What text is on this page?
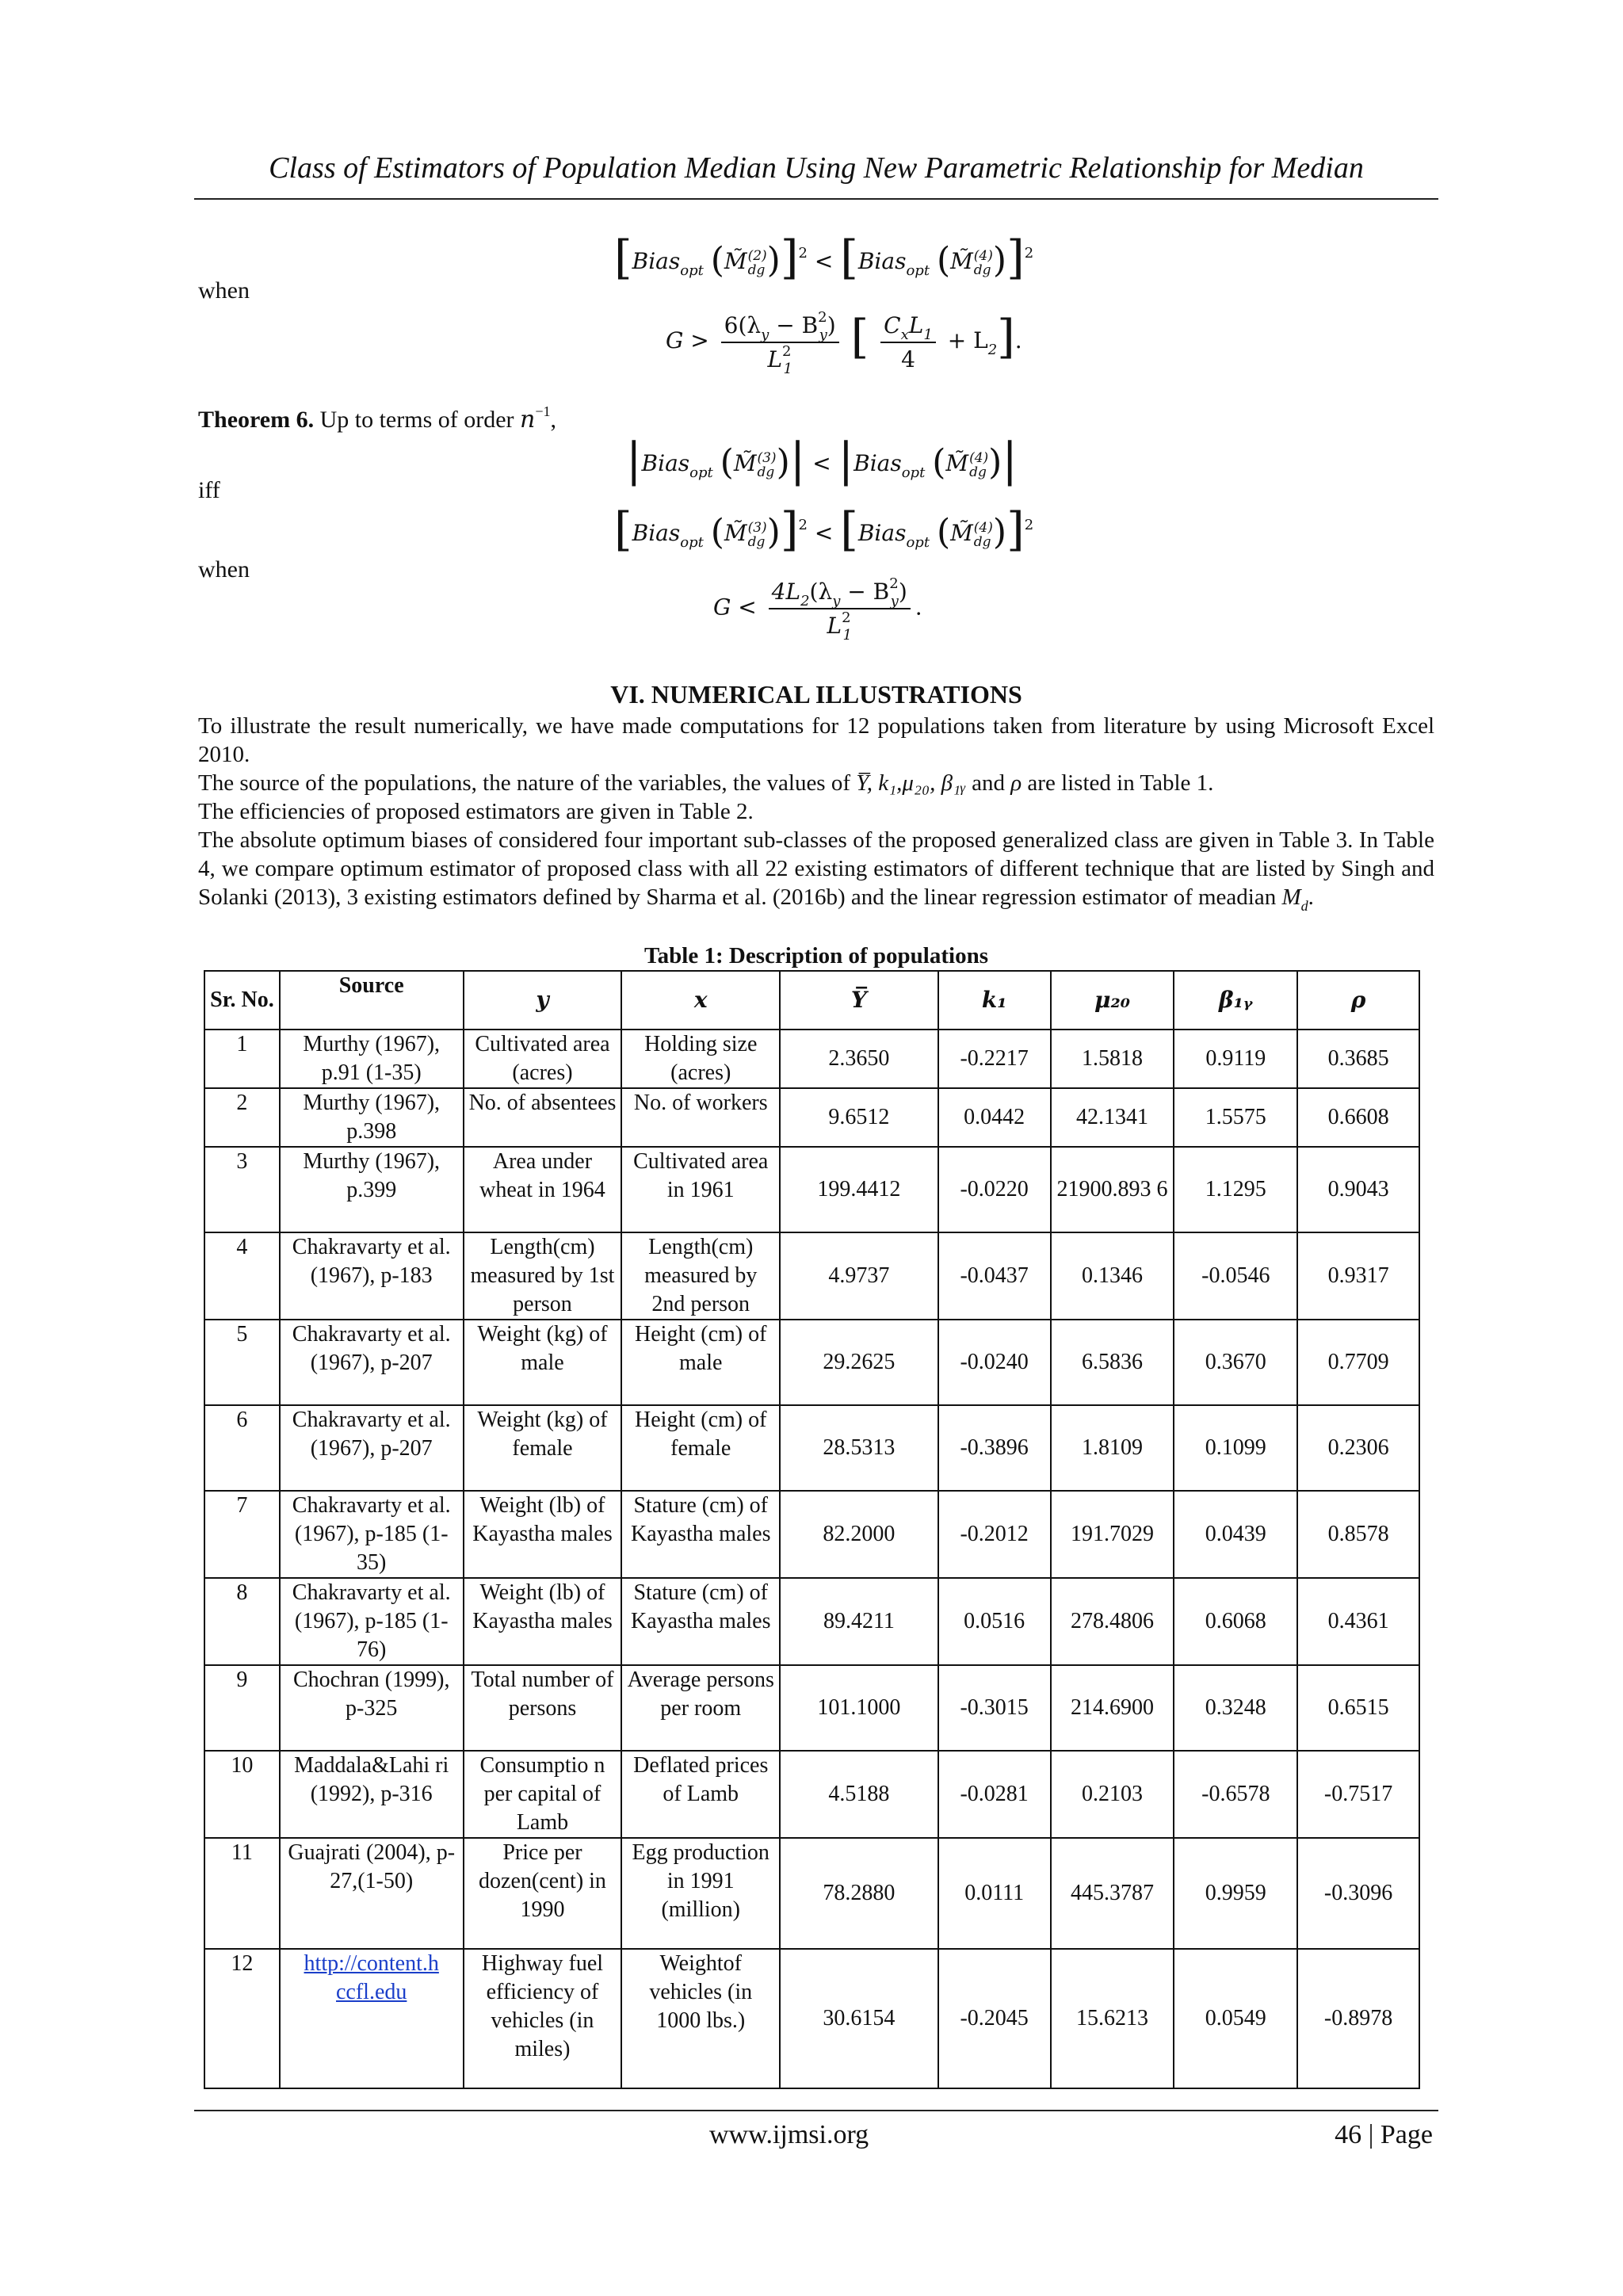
Class of Estimators of Population Median Using New Parametric Relationship for Median
[Bias$_{opt}$ (M̃ (2)
dg )]$^2$ < [Bias$_{opt}$ (M̃ (4)
dg )]$^2$
when
$G > \frac{6(\lambda_y - B^2_y)}{L^2_1}$ [ $\frac{C_xL_1}{4} + L_2$].
Theorem 6. Up to terms of order $n^{-1}$,
|Bias$_{opt}$ (M̃ (3)
dg )| < |Bias$_{opt}$ (M̃ (4)
dg )|
iff
[Bias$_{opt}$ (M̃ (3)
dg )]$^2$ < [Bias$_{opt}$ (M̃ (4)
dg )]$^2$
when
$G < \frac{4L_2(\lambda_y - B^2_y)}{L^2_1}$ .
VI. NUMERICAL ILLUSTRATIONS
To illustrate the result numerically, we have made computations for 12 populations taken from literature by using Microsoft Excel 2010.
The source of the populations, the nature of the variables, the values of Y̅, k₁,μ₂₀, β₁ᵧ and ρ are listed in Table 1.
The efficiencies of proposed estimators are given in Table 2.
The absolute optimum biases of considered four important sub-classes of the proposed generalized class are given in Table 3. In Table 4, we compare optimum estimator of proposed class with all 22 existing estimators of different technique that are listed by Singh and Solanki (2013), 3 existing estimators defined by Sharma et al. (2016b) and the linear regression estimator of meadian $M_d$.
Table 1: Description of populations
Sr. No.	Source	y	x	Y̅	k₁	μ₂₀	β₁ᵧ	ρ
1	Murthy (1967), p.91 (1-35)	Cultivated area (acres)	Holding size (acres)	2.3650	-0.2217	1.5818	0.9119	0.3685
2	Murthy (1967), p.398	No. of absentees	No. of workers	9.6512	0.0442	42.1341	1.5575	0.6608
3	Murthy (1967), p.399	Area under wheat in 1964	Cultivated area in 1961	199.4412	-0.0220	21900.893 6	1.1295	0.9043
4	Chakravarty et al.(1967), p-183	Length(cm) measured by 1st person	Length(cm) measured by 2nd person	4.9737	-0.0437	0.1346	-0.0546	0.9317
5	Chakravarty et al.(1967), p-207	Weight (kg) of male	Height (cm) of male	29.2625	-0.0240	6.5836	0.3670	0.7709
6	Chakravarty et al.(1967), p-207	Weight (kg) of female	Height (cm) of female	28.5313	-0.3896	1.8109	0.1099	0.2306
7	Chakravarty et al.(1967), p-185 (1-35)	Weight (lb) of Kayastha males	Stature (cm) of Kayastha males	82.2000	-0.2012	191.7029	0.0439	0.8578
8	Chakravarty et al.(1967), p-185 (1-76)	Weight (lb) of Kayastha males	Stature (cm) of Kayastha males	89.4211	0.0516	278.4806	0.6068	0.4361
9	Chochran (1999), p-325	Total number of persons	Average persons per room	101.1000	-0.3015	214.6900	0.3248	0.6515
10	Maddala&Lahi ri (1992), p-316	Consumptio n per capital of Lamb	Deflated prices of Lamb	4.5188	-0.0281	0.2103	-0.6578	-0.7517
11	Guajrati (2004), p-27,(1-50)	Price per dozen(cent) in 1990	Egg production in 1991 (million)	78.2880	0.0111	445.3787	0.9959	-0.3096
12	http://content.h ccfl.edu	Highway fuel efficiency of vehicles (in miles)	Weightof vehicles (in 1000 lbs.)	30.6154	-0.2045	15.6213	0.0549	-0.8978
www.ijmsi.org	46 | Page
